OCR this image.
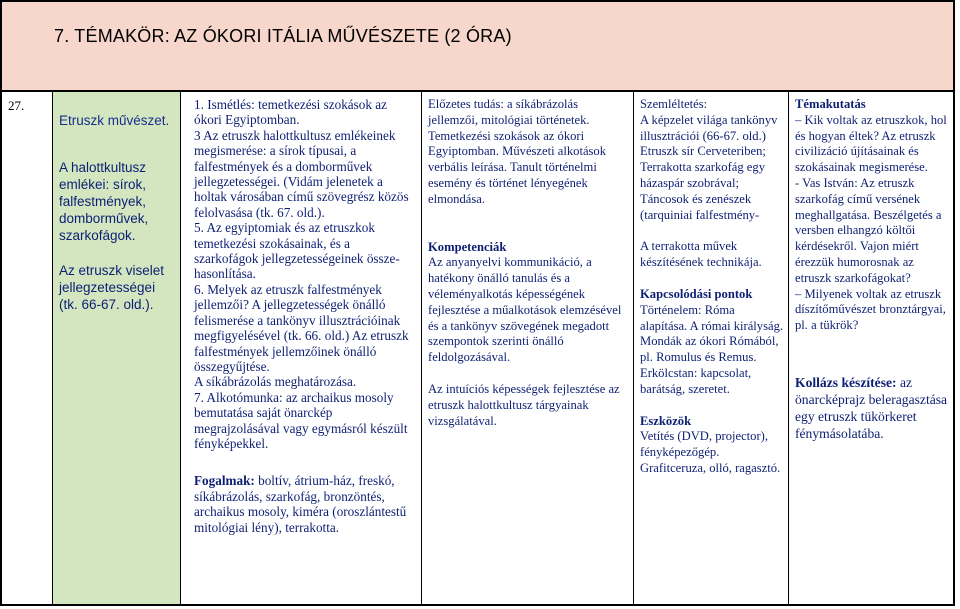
7. TÉMAKÖR: AZ ÓKORI ITÁLIA MŰVÉSZETE (2 ÓRA)
27.

Etruszk művészet.

A halottkultusz emlékei: sírok, falfestmények, domborművek, szarkofágok.

Az etruszk viselet jellegzetességei (tk. 66-67. old.).

1. Ismétlés: temetkezési szokások az ókori Egyiptomban.

3 Az etruszk halottkultusz emlékeinek megismerése: a sírok típusai, a falfestmények és a domborművek jellegzetességei. (Vidám jelenetek a holtak városában című szövegrész közös felolvasása (tk. 67. old.).

5. Az egyiptomiak és az etruszkok temetkezési szokásainak, és a szarkofágok jellegzetességeinek össze-hasonlítása.

6. Melyek az etruszk falfestmények jellemzői? A jellegzetességek önálló felismerése a tankönyv illusztrációinak megfigyelésével (tk. 66. old.) Az etruszk falfestmények jellemzőinek önálló összegyűjtése.

A síkábrázolás meghatározása.

7. Alkotómunka: az archaikus mosoly bemutatása saját önarckép megrajzolásával vagy egymásról készült fényképekkel.

Fogalmak: boltív, átrium-ház, freskó, síkábrázolás, szarkofág, bronzöntés, archaikus mosoly, kiméra (oroszlántestű mitológiai lény), terrakotta.

Előzetes tudás: a síkábrázolás jellemzői, mitológiai történetek. Temetkezési szokások az ókori Egyiptomban. Művészeti alkotások verbális leírása. Tanult történelmi esemény és történet lényegének elmondása.

Kompetenciák

Az anyanyelvi kommunikáció, a hatékony önálló tanulás és a véleményalkotás képességének fejlesztése a műalkotások elemzésével és a tankönyv szövegének megadott szempontok szerinti önálló feldolgozásával.

Az intuíciós képességek fejlesztése az etruszk halottkultusz tárgyainak vizsgálatával.

Szemléltetés:

A képzelet világa tankönyv illusztrációi (66-67. old.)

Etruszk sír Cerveteriben; Terrakotta szarkofág egy házaspár szobrával; Táncosok és zenészek (tarquiniai falfestmény-

A terrakotta művek készítésének technikája.

Kapcsolódási pontok

Történelem: Róma alapítása. A római királyság. Mondák az ókori Rómából, pl. Romulus és Remus. Erkölcstan: kapcsolat, barátság, szeretet.

Eszközök

Vetítés (DVD, projector), fényképezőgép. Grafitceruza, olló, ragasztó.

Témakutatás

– Kik voltak az etruszkok, hol és hogyan éltek? Az etruszk civilizáció újításainak és szokásainak megismerése.

- Vas István: Az etruszk szarkofág című versének meghallgatása. Beszélgetés a versben elhangzó költői kérdésekről. Vajon miért érezzük humorosnak az etruszk szarkofágokat?

– Milyenek voltak az etruszk díszítőművészet bronztárgyai, pl. a tükrök?

Kollázs készítése: az önarcképrajz beleragasztása egy etruszk tükörkeret fénymásolatába.
